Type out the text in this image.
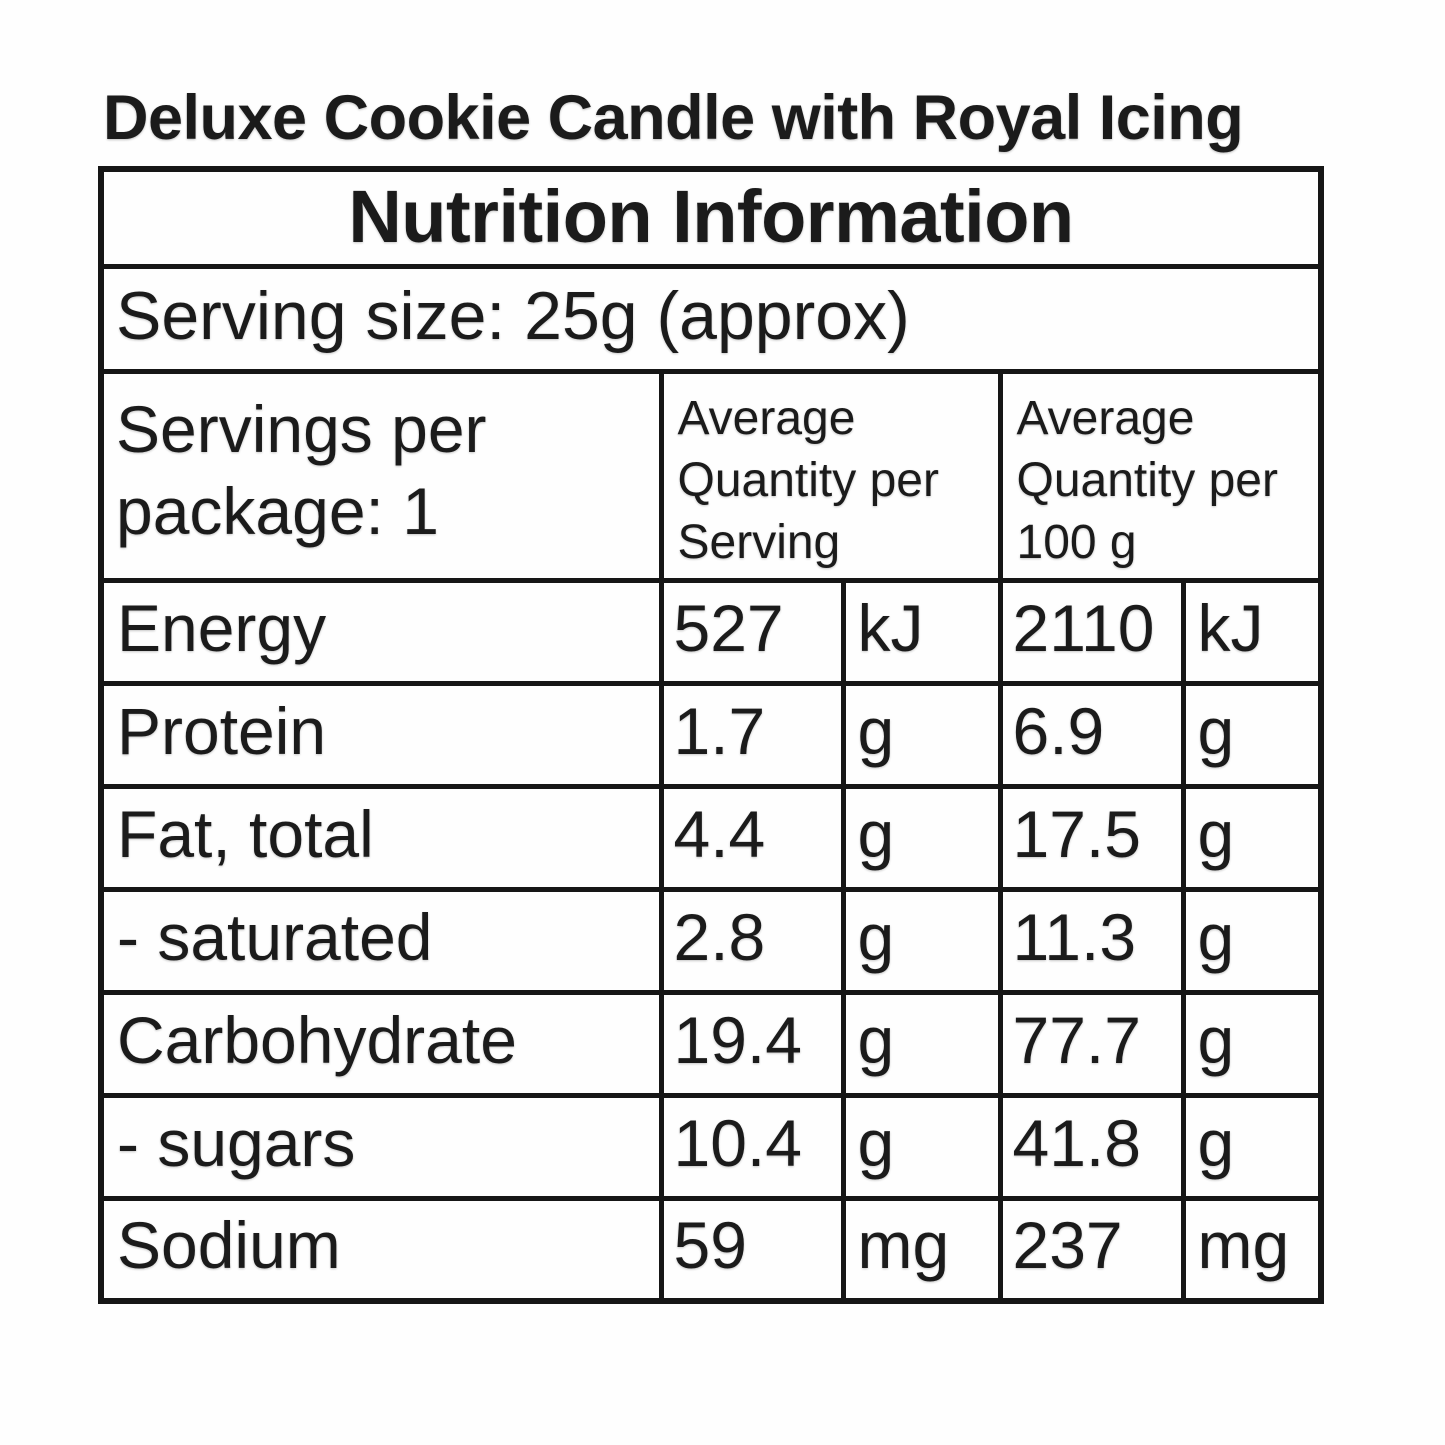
Deluxe Cookie Candle with Royal Icing
Nutrition Information				
Serving size: 25g (approx)				
Servings per package: 1	Average Quantity per Serving		Average Quantity per 100 g	
Energy	527	kJ	2110	kJ
Protein	1.7	g	6.9	g
Fat, total	4.4	g	17.5	g
- saturated	2.8	g	11.3	g
Carbohydrate	19.4	g	77.7	g
- sugars	10.4	g	41.8	g
Sodium	59	mg	237	mg
